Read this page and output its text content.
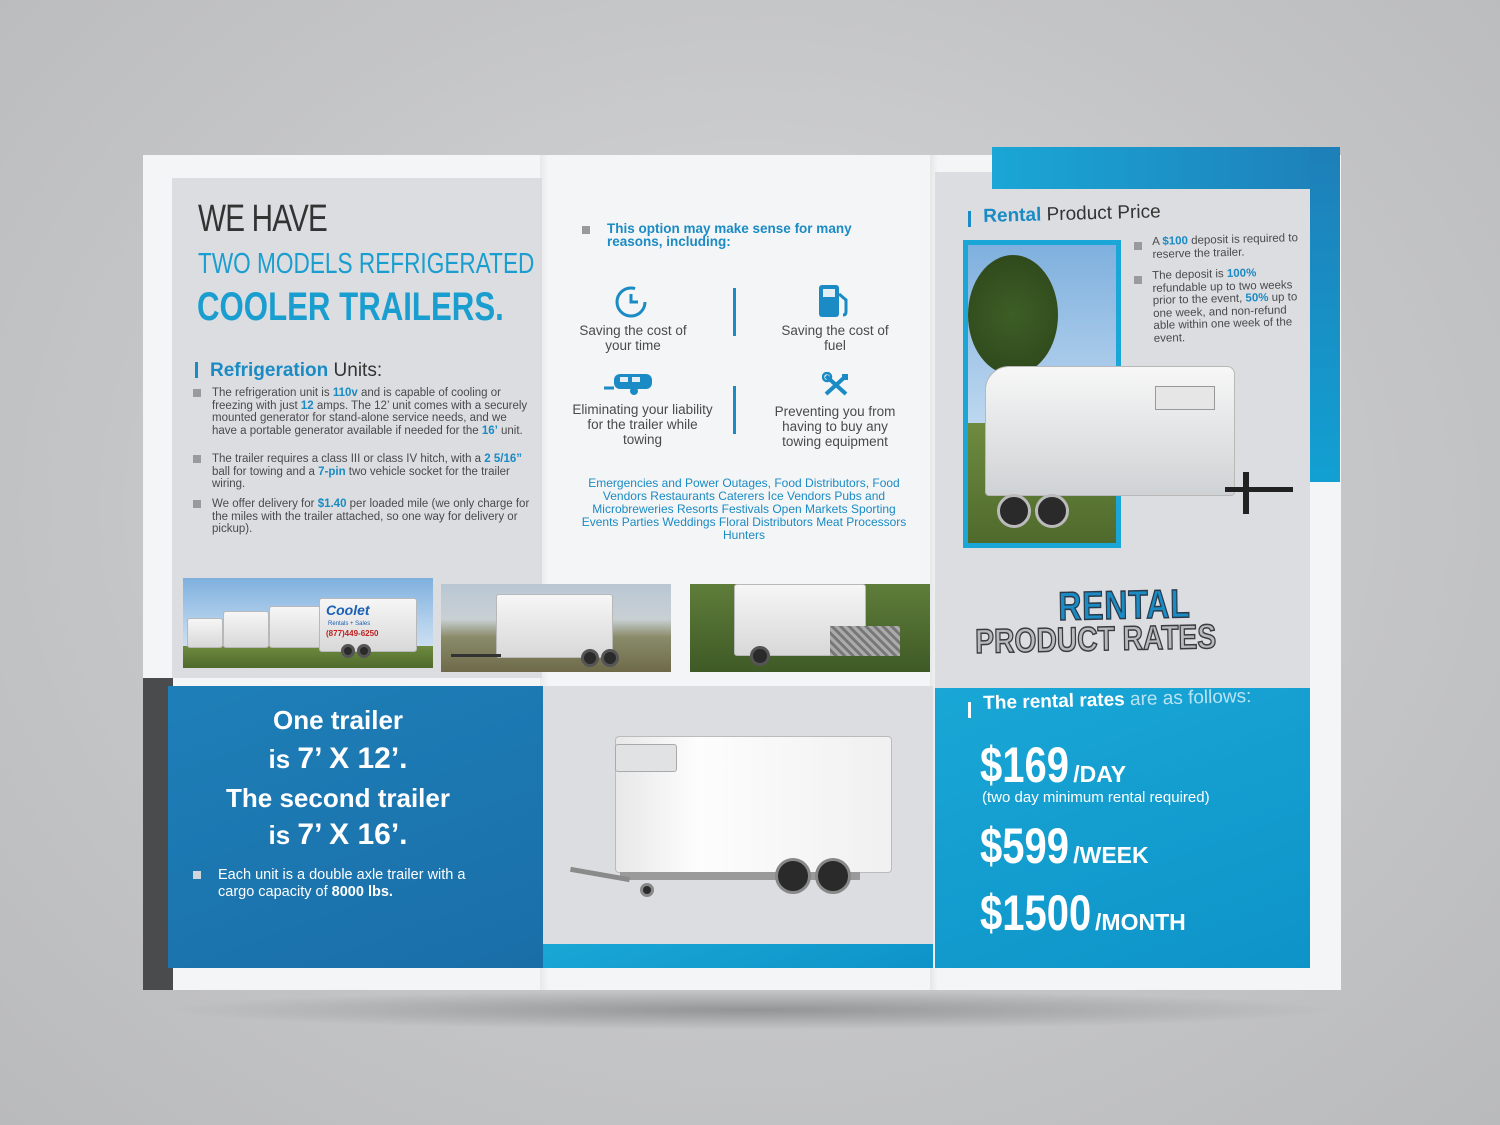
WE HAVE
TWO MODELS REFRIGERATED
COOLER TRAILERS.
Refrigeration Units:
The refrigeration unit is 110v and is capable of cooling or freezing with just 12 amps. The 12’ unit comes with a securely mounted generator for stand-alone service needs, and we have a portable generator available if needed for the 16’ unit.
The trailer requires a class III or class IV hitch, with a 2 5/16” ball for towing and a 7-pin two vehicle socket for the trailer wiring.
We offer delivery for $1.40 per loaded mile (we only charge for the miles with the trailer attached, so one way for delivery or pickup).
Coolet
Rentals + Sales
(877)449-6250
One trailer
is 7’ X 12’.
The second trailer
is 7’ X 16’.
Each unit is a double axle trailer with a cargo capacity of 8000 lbs.
This option may make sense for many reasons, including:
Saving the cost of your time
Saving the cost of fuel
Eliminating your liability for the trailer while towing
Preventing you from having to buy any towing equipment
Emergencies and Power Outages, Food Distributors, Food Vendors Restaurants Caterers Ice Vendors Pubs and Microbreweries Resorts Festivals Open Markets Sporting Events Parties Weddings Floral Distributors Meat Processors Hunters
Rental Product Price
A $100 deposit is required to reserve the trailer.
The deposit is 100% refundable up to two weeks prior to the event, 50% up to one week, and non-refund able within one week of the event.
RENTAL
PRODUCT RATES
The rental rates are as follows:
$169 /DAY
(two day minimum rental required)
$599 /WEEK
$1500 /MONTH
